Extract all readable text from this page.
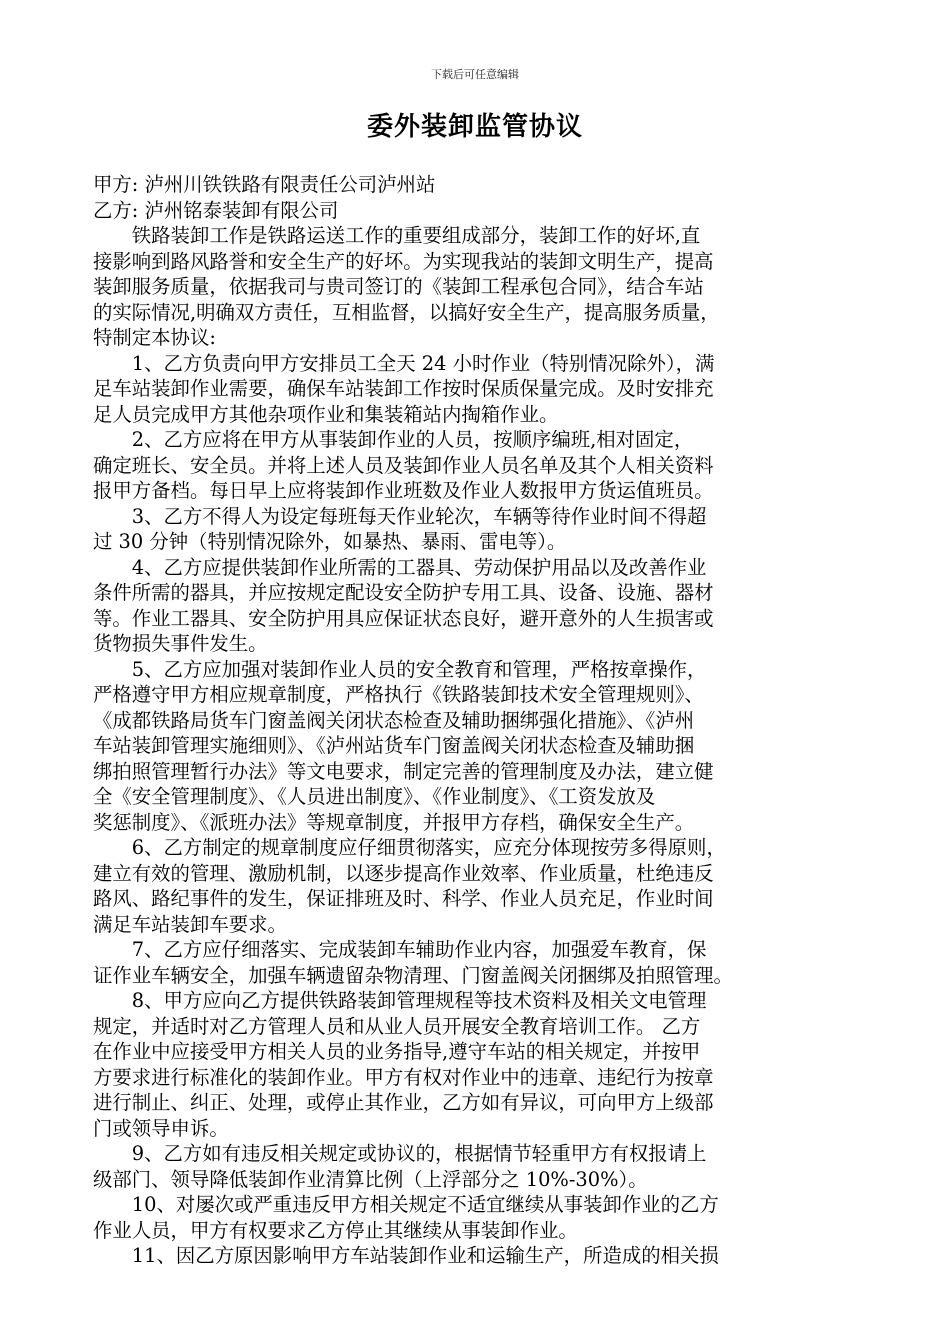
下载后可任意编辑
委外装卸监管协议

甲方: 泸州川铁铁路有限责任公司泸州站

乙方: 泸州铭泰装卸有限公司

　　铁路装卸工作是铁路运送工作的重要组成部分，装卸工作的好坏,直

接影响到路风路誉和安全生产的好坏。为实现我站的装卸文明生产，提高

装卸服务质量，依据我司与贵司签订的《装卸工程承包合同》，结合车站

的实际情况,明确双方责任，互相监督，以搞好安全生产，提高服务质量，

特制定本协议:

　　1、乙方负责向甲方安排员工全天 24 小时作业（特别情况除外），满

足车站装卸作业需要，确保车站装卸工作按时保质保量完成。及时安排充

足人员完成甲方其他杂项作业和集装箱站内掏箱作业。

　　2、乙方应将在甲方从事装卸作业的人员，按顺序编班,相对固定，

确定班长、安全员。并将上述人员及装卸作业人员名单及其个人相关资料

报甲方备档。每日早上应将装卸作业班数及作业人数报甲方货运值班员。

　　3、乙方不得人为设定每班每天作业轮次，车辆等待作业时间不得超

过 30 分钟（特别情况除外，如暴热、暴雨、雷电等）。

　　4、乙方应提供装卸作业所需的工器具、劳动保护用品以及改善作业

条件所需的器具，并应按规定配设安全防护专用工具、设备、设施、器材

等。作业工器具、安全防护用具应保证状态良好，避开意外的人生损害或

货物损失事件发生。

　　5、乙方应加强对装卸作业人员的安全教育和管理，严格按章操作，

严格遵守甲方相应规章制度，严格执行《铁路装卸技术安全管理规则》、

《成都铁路局货车门窗盖阀关闭状态检查及辅助捆绑强化措施》、《泸州

车站装卸管理实施细则》、《泸州站货车门窗盖阀关闭状态检查及辅助捆

绑拍照管理暂行办法》等文电要求，制定完善的管理制度及办法，建立健

全《安全管理制度》、《人员进出制度》、《作业制度》、《工资发放及

奖惩制度》、《派班办法》等规章制度，并报甲方存档，确保安全生产。

　　6、乙方制定的规章制度应仔细贯彻落实，应充分体现按劳多得原则，

建立有效的管理、激励机制，以逐步提高作业效率、作业质量，杜绝违反

路风、路纪事件的发生，保证排班及时、科学、作业人员充足，作业时间

满足车站装卸车要求。

　　7、乙方应仔细落实、完成装卸车辅助作业内容，加强爱车教育，保

证作业车辆安全，加强车辆遗留杂物清理、门窗盖阀关闭捆绑及拍照管理。

　　8、甲方应向乙方提供铁路装卸管理规程等技术资料及相关文电管理

规定，并适时对乙方管理人员和从业人员开展安全教育培训工作。 乙方

在作业中应接受甲方相关人员的业务指导,遵守车站的相关规定，并按甲

方要求进行标准化的装卸作业。甲方有权对作业中的违章、违纪行为按章

进行制止、纠正、处理，或停止其作业，乙方如有异议，可向甲方上级部

门或领导申诉。

　　9、乙方如有违反相关规定或协议的，根据情节轻重甲方有权报请上

级部门、领导降低装卸作业清算比例（上浮部分之 10%-30%）。

　　10、对屡次或严重违反甲方相关规定不适宜继续从事装卸作业的乙方

作业人员，甲方有权要求乙方停止其继续从事装卸作业。

　　11、因乙方原因影响甲方车站装卸作业和运输生产，所造成的相关损
